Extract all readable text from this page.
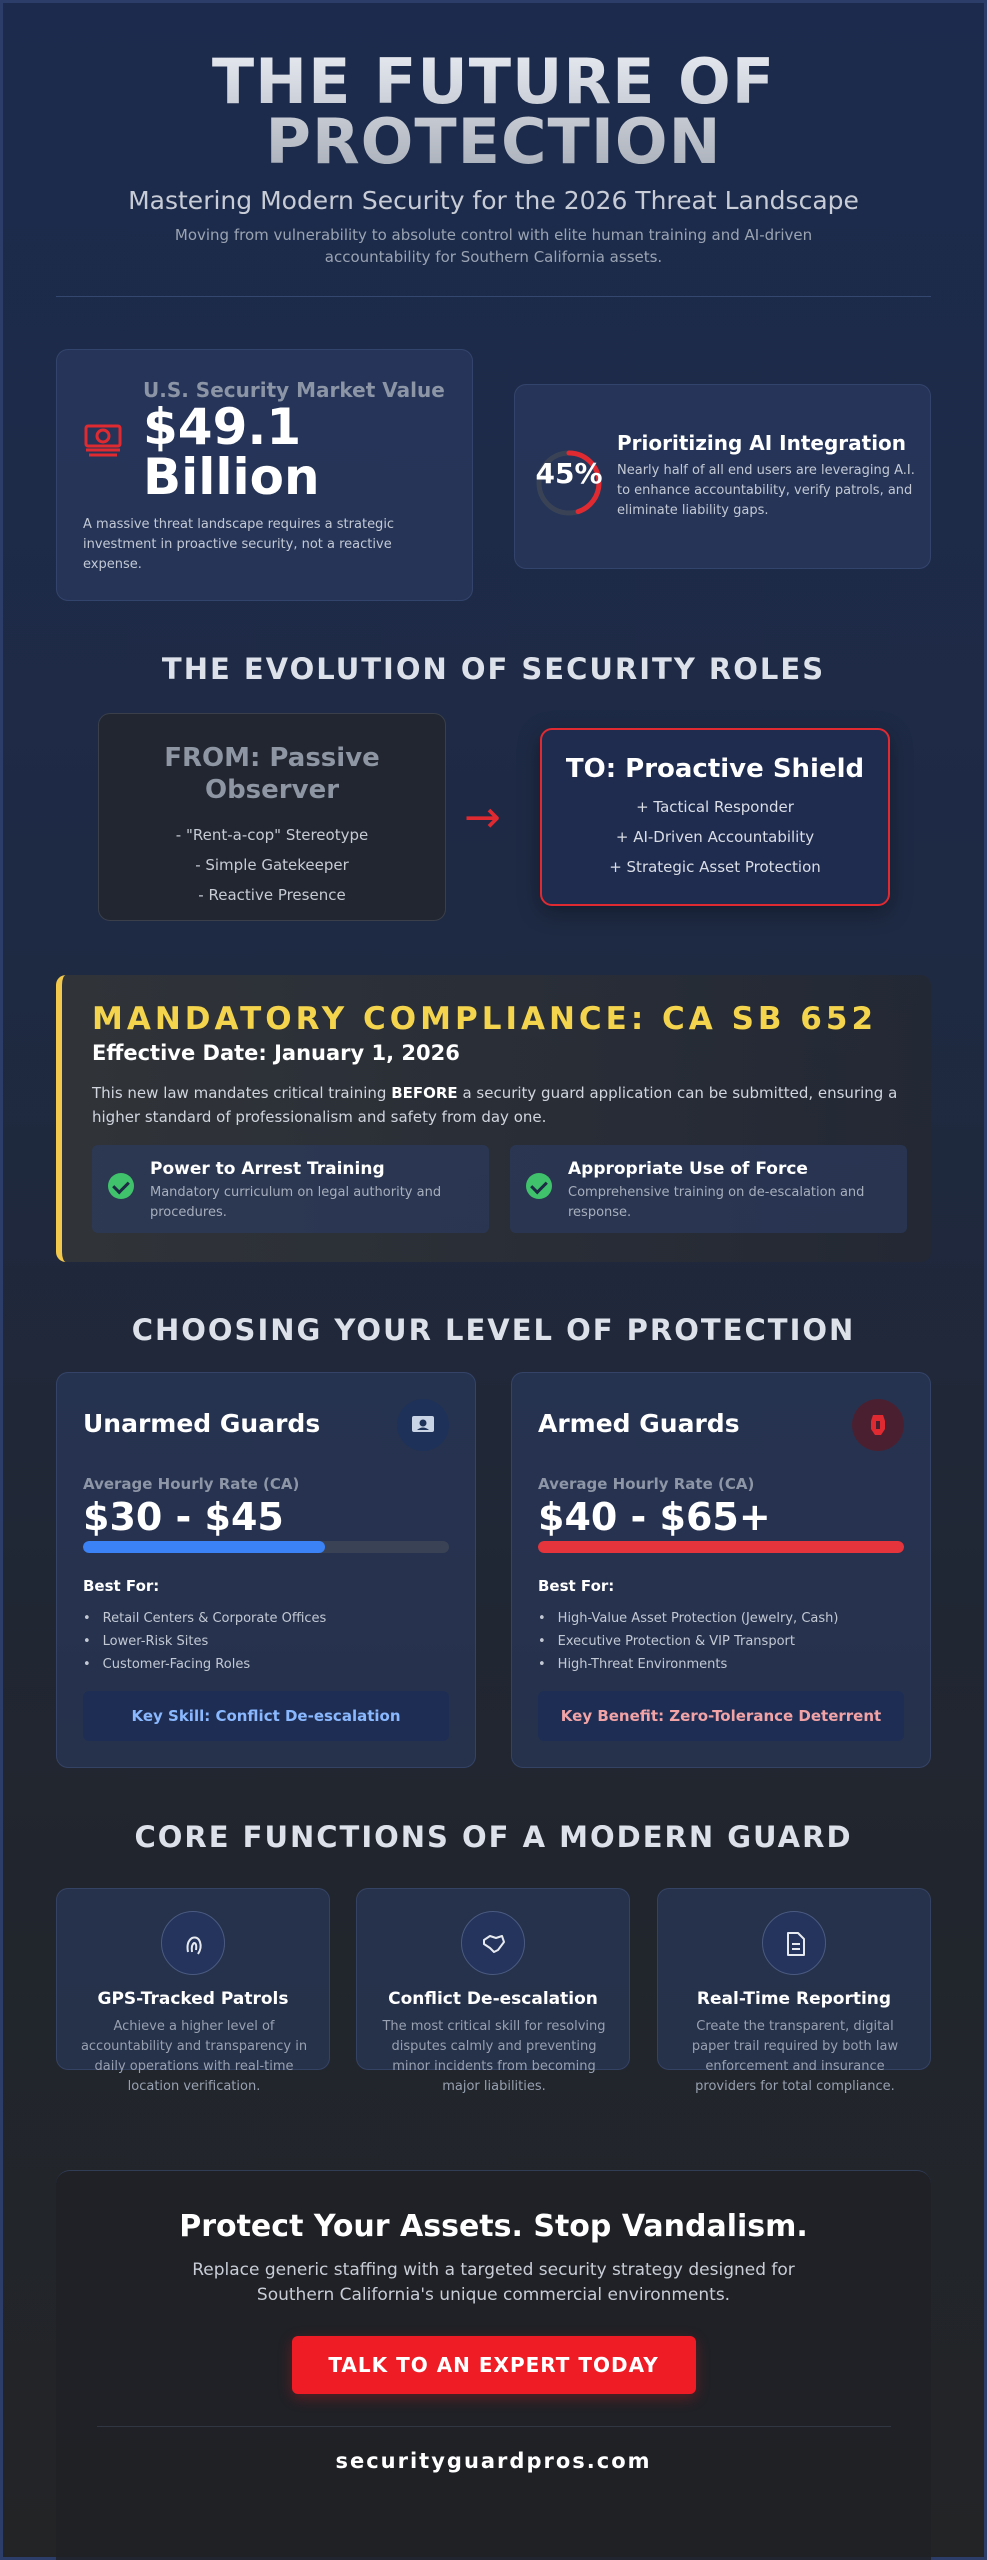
THE FUTURE OF
PROTECTION
Mastering Modern Security for the 2026 Threat Landscape
Moving from vulnerability to absolute control with elite human training and AI-driven accountability for Southern California assets.
U.S. Security Market Value
$49.1 Billion
A massive threat landscape requires a strategic investment in proactive security, not a reactive expense.
45%
Prioritizing AI Integration
Nearly half of all end users are leveraging A.I. to enhance accountability, verify patrols, and eliminate liability gaps.
THE EVOLUTION OF SECURITY ROLES
FROM: Passive Observer
- "Rent-a-cop" Stereotype
- Simple Gatekeeper
- Reactive Presence
→
TO: Proactive Shield
+ Tactical Responder
+ AI-Driven Accountability
+ Strategic Asset Protection
MANDATORY COMPLIANCE: CA SB 652
Effective Date: January 1, 2026
This new law mandates critical training BEFORE a security guard application can be submitted, ensuring a higher standard of professionalism and safety from day one.
Power to Arrest Training
Mandatory curriculum on legal authority and procedures.
Appropriate Use of Force
Comprehensive training on de-escalation and response.
CHOOSING YOUR LEVEL OF PROTECTION
Unarmed Guards
Average Hourly Rate (CA)
$30 - $45
Best For:
• Retail Centers & Corporate Offices
• Lower-Risk Sites
• Customer-Facing Roles
Key Skill: Conflict De-escalation
Armed Guards
Average Hourly Rate (CA)
$40 - $65+
Best For:
• High-Value Asset Protection (Jewelry, Cash)
• Executive Protection & VIP Transport
• High-Threat Environments
Key Benefit: Zero-Tolerance Deterrent
CORE FUNCTIONS OF A MODERN GUARD
GPS-Tracked Patrols
Achieve a higher level of accountability and transparency in daily operations with real-time location verification.
Conflict De-escalation
The most critical skill for resolving disputes calmly and preventing minor incidents from becoming major liabilities.
Real-Time Reporting
Create the transparent, digital paper trail required by both law enforcement and insurance providers for total compliance.
Protect Your Assets. Stop Vandalism.
Replace generic staffing with a targeted security strategy designed for Southern California's unique commercial environments.
TALK TO AN EXPERT TODAY
securityguardpros.com
